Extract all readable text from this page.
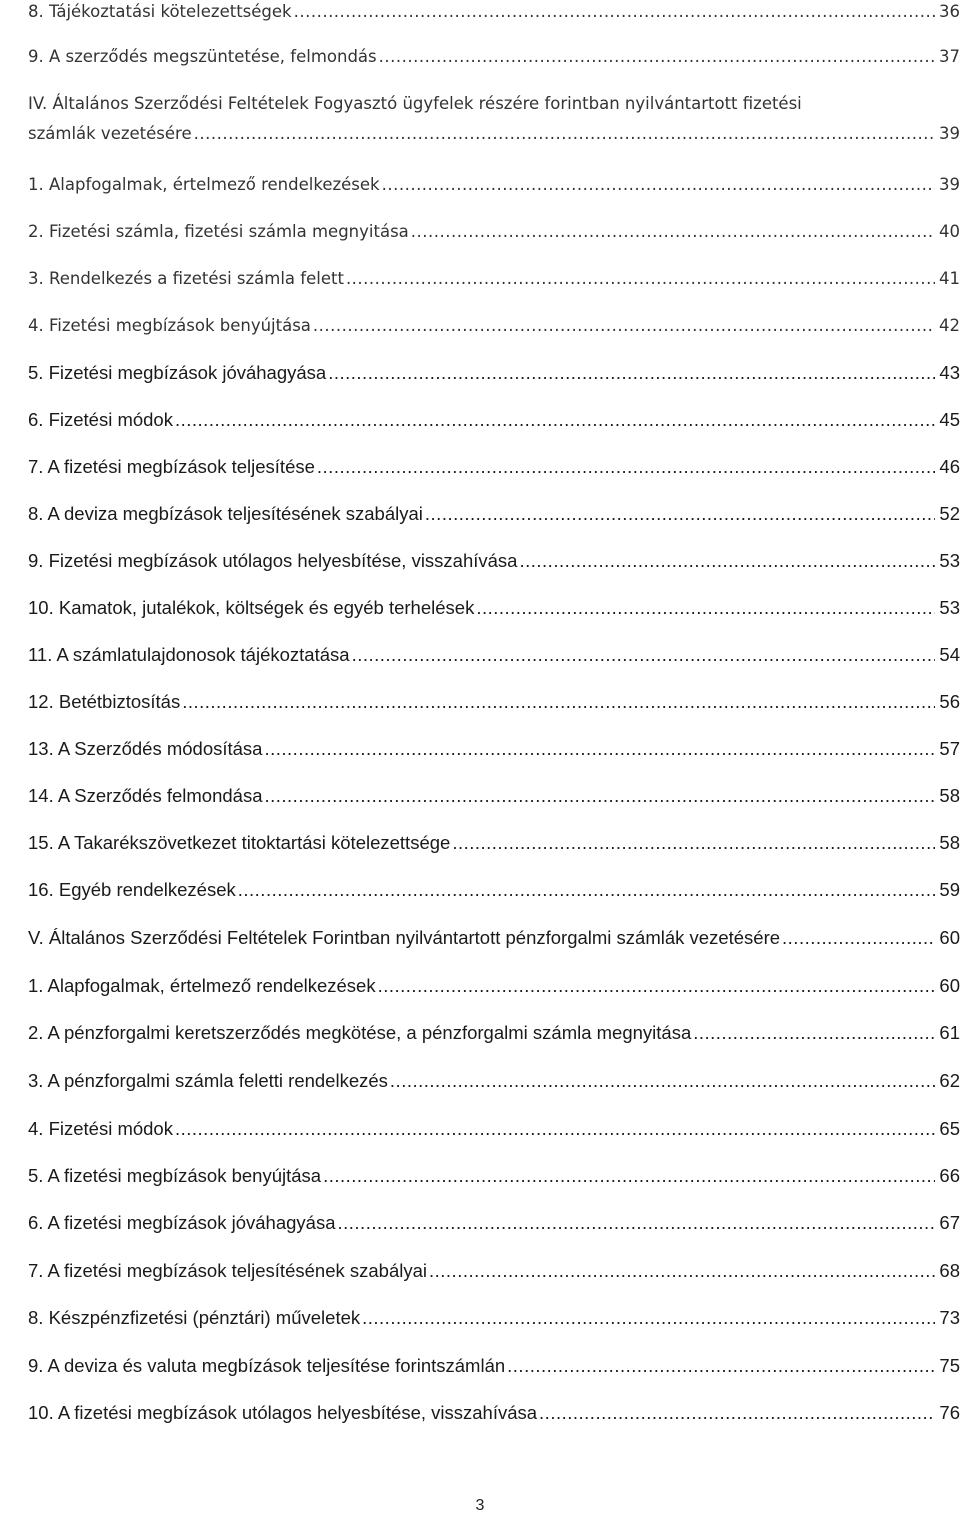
8. Tájékoztatási kötelezettségek .....	36
9. A szerződés megszüntetése, felmondás .....	37
IV. Általános Szerződési Feltételek Fogyasztó ügyfelek részére forintban nyilvántartott fizetési
számlák vezetésére .....	39
1. Alapfogalmak, értelmező rendelkezések .....	39
2. Fizetési számla, fizetési számla megnyitása .....	40
3. Rendelkezés a fizetési számla felett .....	41
4. Fizetési megbízások benyújtása .....	42
5. Fizetési megbízások jóváhagyása .....	43
6. Fizetési módok .....	45
7. A fizetési megbízások teljesítése .....	46
8. A deviza megbízások teljesítésének szabályai .....	52
9. Fizetési megbízások utólagos helyesbítése, visszahívása .....	53
10. Kamatok, jutalékok, költségek és egyéb terhelések .....	53
11. A számlatulajdonosok tájékoztatása .....	54
12. Betétbiztosítás .....	56
13. A Szerződés módosítása .....	57
14. A Szerződés felmondása .....	58
15. A Takarékszövetkezet titoktartási kötelezettsége .....	58
16. Egyéb rendelkezések .....	59
V. Általános Szerződési Feltételek Forintban nyilvántartott pénzforgalmi számlák vezetésére .....	60
1. Alapfogalmak, értelmező rendelkezések .....	60
2. A pénzforgalmi keretszerződés megkötése, a pénzforgalmi számla megnyitása .....	61
3. A pénzforgalmi számla feletti rendelkezés .....	62
4. Fizetési módok .....	65
5. A fizetési megbízások benyújtása .....	66
6. A fizetési megbízások jóváhagyása .....	67
7. A fizetési megbízások teljesítésének szabályai .....	68
8. Készpénzfizetési (pénztári) műveletek .....	73
9. A deviza és valuta megbízások teljesítése forintszámlán .....	75
10. A fizetési megbízások utólagos helyesbítése, visszahívása .....	76
3
